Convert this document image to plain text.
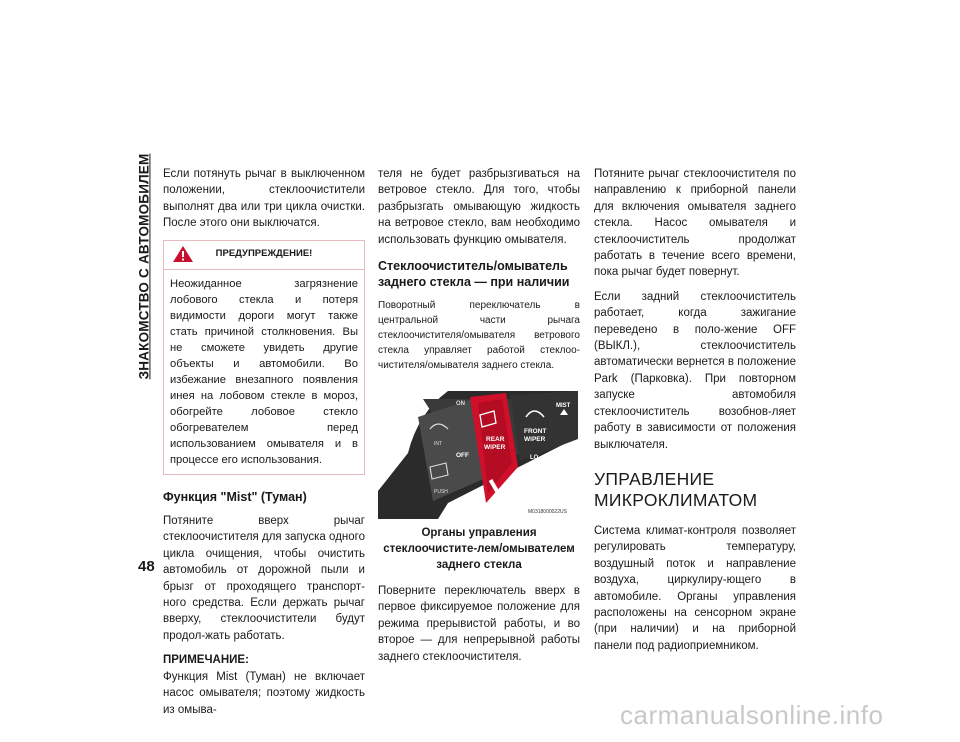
ЗНАКОМСТВО С АВТОМОБИЛЕМ
48

Если потянуть рычаг в выключенном положении, стеклоочистители выполнят два или три цикла очистки. После этого они выключатся.

ПРЕДУПРЕЖДЕНИЕ!
Неожиданное загрязнение лобового стекла и потеря видимости дороги могут также стать причиной столкновения. Вы не сможете увидеть другие объекты и автомобили. Во избежание внезапного появления инея на лобовом стекле в мороз, обогрейте лобовое стекло обогревателем перед использованием омывателя и в процессе его использования.
Функция "Mist" (Туман)

Потяните вверх рычаг стеклоочистителя для запуска одного цикла очищения, чтобы очистить автомобиль от дорожной пыли и брызг от проходящего транспорт-ного средства. Если держать рычаг вверху, стеклоочистители будут продол-жать работать.

ПРИМЕЧАНИЕ:

Функция Mist (Туман) не включает насос омывателя; поэтому жидкость из омыва-

теля не будет разбрызгиваться на ветровое стекло. Для того, чтобы разбрызгать омывающую жидкость на ветровое стекло, вам необходимо использовать функцию омывателя.

Стеклоочиститель/омыватель заднего стекла — при наличии

Поворотный переключатель в центральной части рычага стеклоочистителя/омывателя ветрового стекла управляет работой стеклоо-чистителя/омывателя заднего стекла.

ON
INT
OFF
PUSH
REAR
WIPER
FRONT
WIPER
MIST
LO
M0318000022US
Органы управления стеклоочистите-лем/омывателем заднего стекла

Поверните переключатель вверх в первое фиксируемое положение для режима прерывистой работы, и во второе — для непрерывной работы заднего стеклоочистителя.

Потяните рычаг стеклоочистителя по направлению к приборной панели для включения омывателя заднего стекла. Насос омывателя и стеклоочиститель продолжат работать в течение всего времени, пока рычаг будет повернут.

Если задний стеклоочиститель работает, когда зажигание переведено в поло-жение OFF (ВЫКЛ.), стеклоочиститель автоматически вернется в положение Park (Парковка). При повторном запуске автомобиля стеклоочиститель возобнов-ляет работу в зависимости от положения выключателя.

УПРАВЛЕНИЕ
МИКРОКЛИМАТОМ

Система климат-контроля позволяет регулировать температуру, воздушный поток и направление воздуха, циркулиру-ющего в автомобиле. Органы управления расположены на сенсорном экране (при наличии) и на приборной панели под радиоприемником.

carmanualsonline.info
